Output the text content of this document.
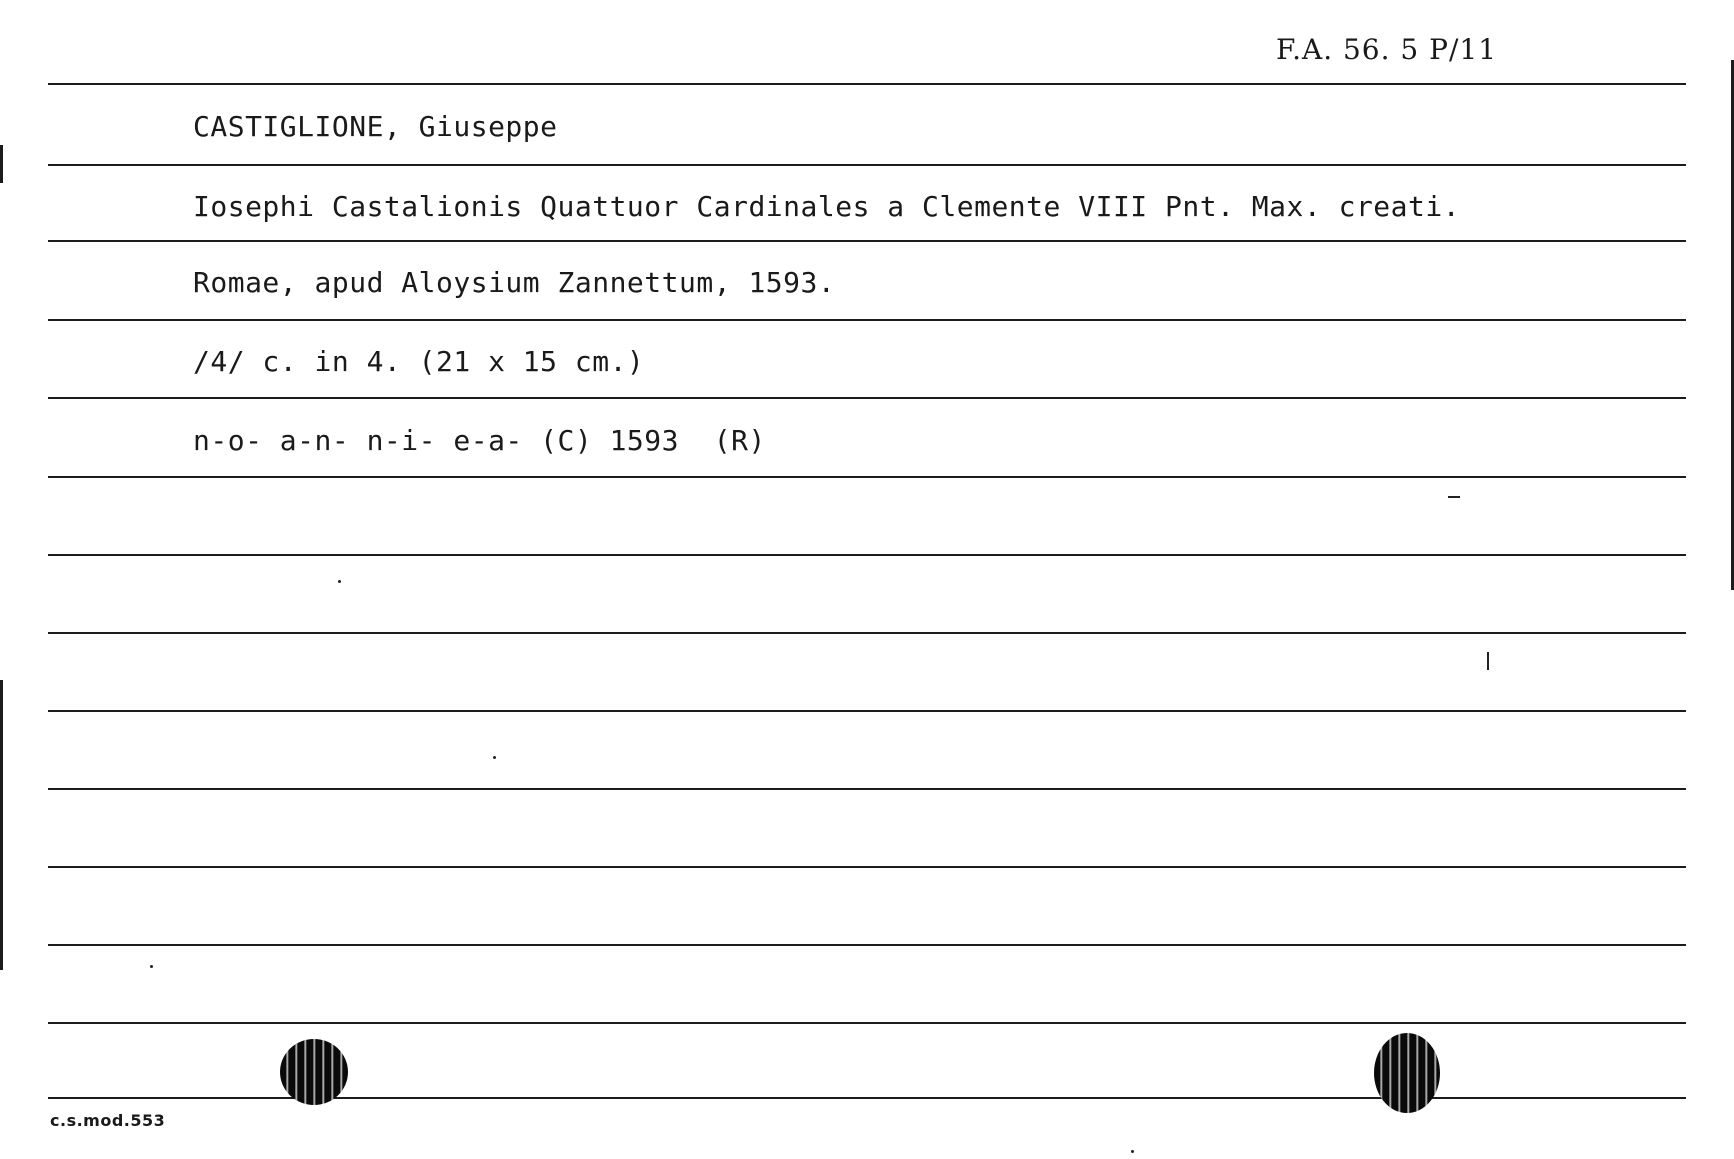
F.A. 56. 5 P/11
CASTIGLIONE, Giuseppe
Iosephi Castalionis Quattuor Cardinales a Clemente VIII Pnt. Max. creati.
Romae, apud Aloysium Zannettum, 1593.
/4/ c. in 4. (21 x 15 cm.)
n-o- a-n- n-i- e-a- (C) 1593  (R)
c.s.mod.553
